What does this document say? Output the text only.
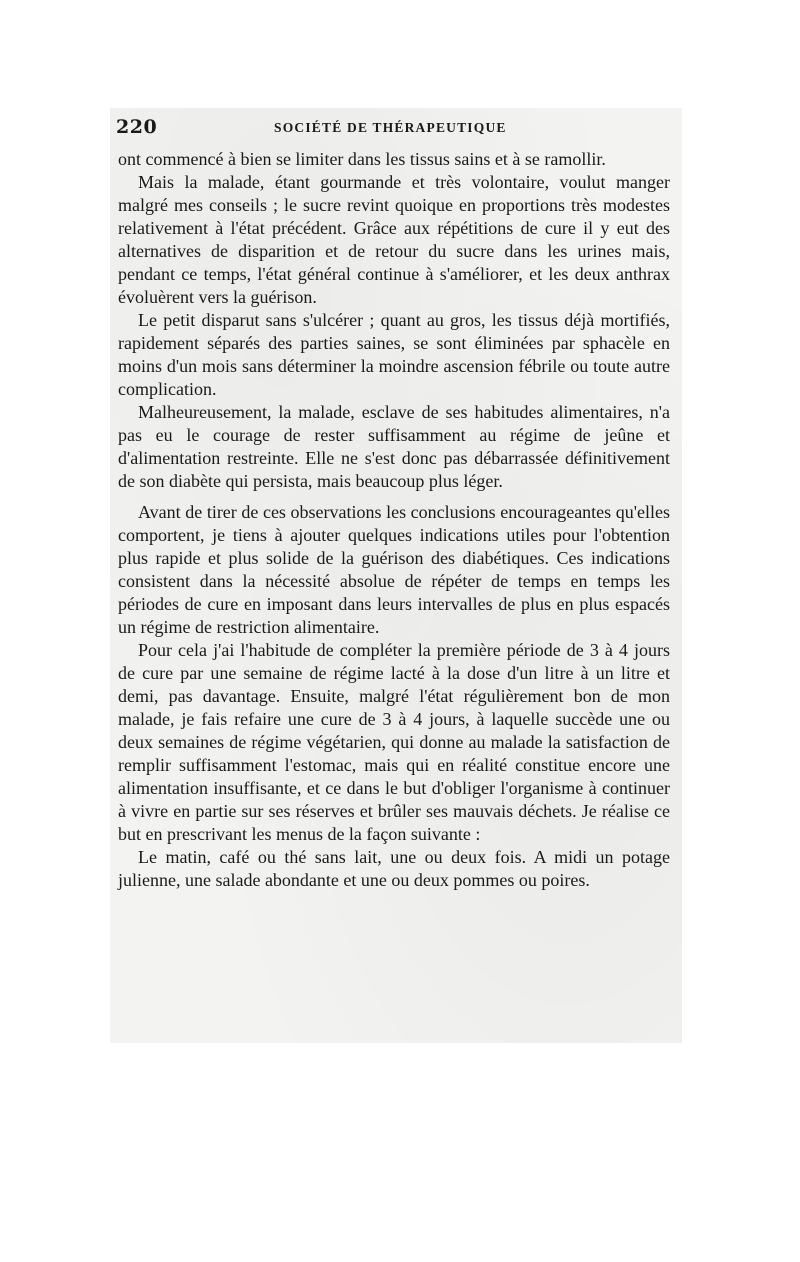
220	SOCIÉTÉ DE THÉRAPEUTIQUE

ont commencé à bien se limiter dans les tissus sains et à se ramollir.

Mais la malade, étant gourmande et très volontaire, voulut manger malgré mes conseils ; le sucre revint quoique en proportions très modestes relativement à l'état précédent. Grâce aux répétitions de cure il y eut des alternatives de disparition et de retour du sucre dans les urines mais, pendant ce temps, l'état général continue à s'améliorer, et les deux anthrax évoluèrent vers la guérison.

Le petit disparut sans s'ulcérer ; quant au gros, les tissus déjà mortifiés, rapidement séparés des parties saines, se sont éliminées par sphacèle en moins d'un mois sans déterminer la moindre ascension fébrile ou toute autre complication.

Malheureusement, la malade, esclave de ses habitudes alimentaires, n'a pas eu le courage de rester suffisamment au régime de jeûne et d'alimentation restreinte. Elle ne s'est donc pas débarrassée définitivement de son diabète qui persista, mais beaucoup plus léger.

Avant de tirer de ces observations les conclusions encourageantes qu'elles comportent, je tiens à ajouter quelques indications utiles pour l'obtention plus rapide et plus solide de la guérison des diabétiques. Ces indications consistent dans la nécessité absolue de répéter de temps en temps les périodes de cure en imposant dans leurs intervalles de plus en plus espacés un régime de restriction alimentaire.

Pour cela j'ai l'habitude de compléter la première période de 3 à 4 jours de cure par une semaine de régime lacté à la dose d'un litre à un litre et demi, pas davantage. Ensuite, malgré l'état régulièrement bon de mon malade, je fais refaire une cure de 3 à 4 jours, à laquelle succède une ou deux semaines de régime végétarien, qui donne au malade la satisfaction de remplir suffisamment l'estomac, mais qui en réalité constitue encore une alimentation insuffisante, et ce dans le but d'obliger l'organisme à continuer à vivre en partie sur ses réserves et brûler ses mauvais déchets. Je réalise ce but en prescrivant les menus de la façon suivante :

Le matin, café ou thé sans lait, une ou deux fois. A midi un potage julienne, une salade abondante et une ou deux pommes ou poires.
